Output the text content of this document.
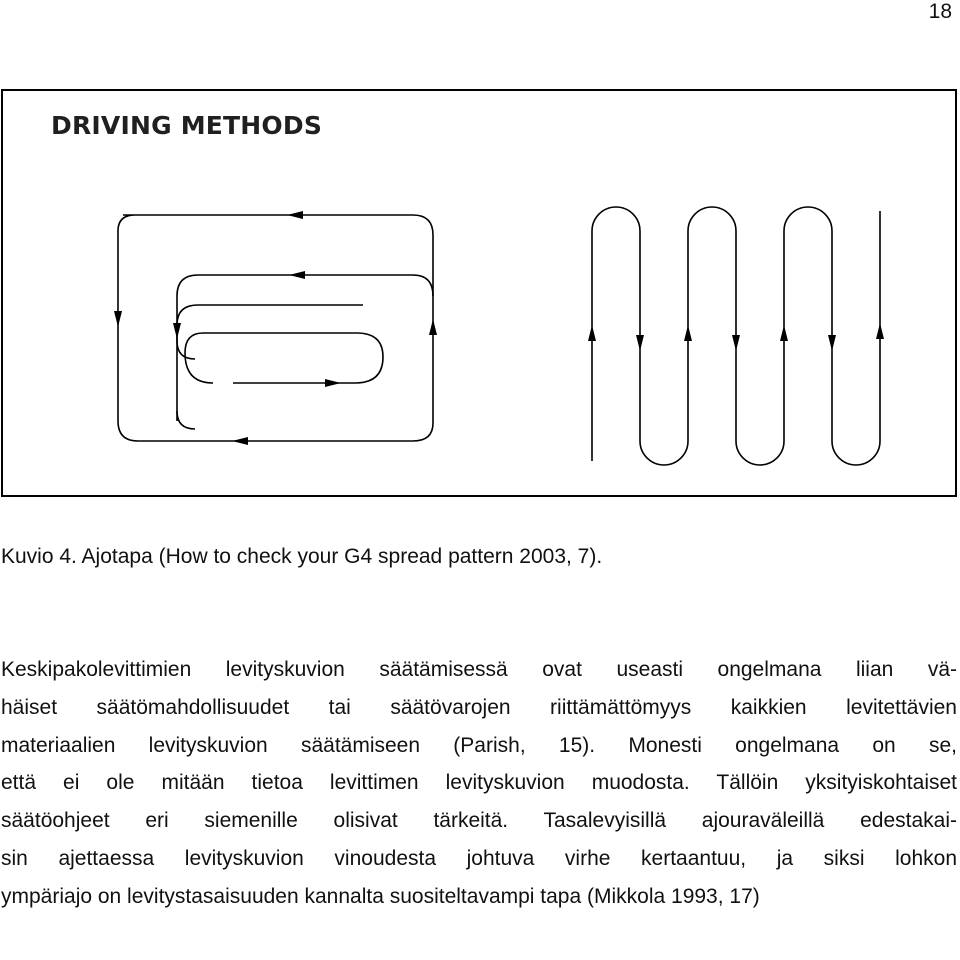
18
DRIVING METHODS
Kuvio 4. Ajotapa (How to check your G4 spread pattern 2003, 7).
Keskipakolevittimien levityskuvion säätämisessä ovat useasti ongelmana liian vä-
häiset säätömahdollisuudet tai säätövarojen riittämättömyys kaikkien levitettävien
materiaalien levityskuvion säätämiseen (Parish, 15). Monesti ongelmana on se,
että ei ole mitään tietoa levittimen levityskuvion muodosta. Tällöin yksityiskohtaiset
säätöohjeet eri siemenille olisivat tärkeitä. Tasalevyisillä ajouraväleillä edestakai-
sin ajettaessa levityskuvion vinoudesta johtuva virhe kertaantuu, ja siksi lohkon
ympäriajo on levitystasaisuuden kannalta suositeltavampi tapa (Mikkola 1993, 17)
